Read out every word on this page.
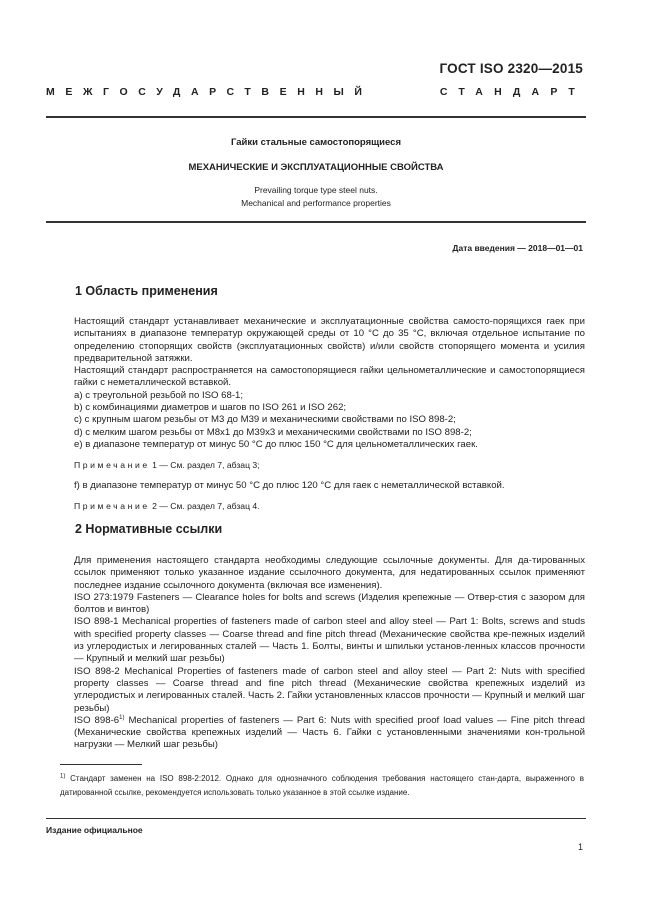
ГОСТ ISO 2320—2015
МЕЖГОСУДАРСТВЕННЫЙ	СТАНДАРТ
Гайки стальные самостопорящиеся
МЕХАНИЧЕСКИЕ И ЭКСПЛУАТАЦИОННЫЕ СВОЙСТВА
Prevailing torque type steel nuts.
Mechanical and performance properties
Дата введения — 2018—01—01
1 Область применения

Настоящий стандарт устанавливает механические и эксплуатационные свойства самосто-порящихся гаек при испытаниях в диапазоне температур окружающей среды от 10 °С до 35 °С, включая отдельное испытание по определению стопорящих свойств (эксплуатационных свойств) и/или свойств стопорящего момента и усилия предварительной затяжки.

Настоящий стандарт распространяется на самостопорящиеся гайки цельнометаллические и самостопорящиеся гайки с неметаллической вставкой.

a) с треугольной резьбой по ISO 68-1;

b) с комбинациями диаметров и шагов по ISO 261 и ISO 262;

c) с крупным шагом резьбы от М3 до М39 и механическими свойствами по ISO 898-2;

d) с мелким шагом резьбы от М8х1 до М39х3 и механическими свойствами по ISO 898-2;

e) в диапазоне температур от минус 50 °С до плюс 150 °С для цельнометаллических гаек.

Примечание 1 — См. раздел 7, абзац 3;

f) в диапазоне температур от минус 50 °С до плюс 120 °С для гаек с неметаллической вставкой.

Примечание 2 — См. раздел 7, абзац 4.

2 Нормативные ссылки

Для применения настоящего стандарта необходимы следующие ссылочные документы. Для да-тированных ссылок применяют только указанное издание ссылочного документа, для недатированных ссылок применяют последнее издание ссылочного документа (включая все изменения).

ISO 273:1979 Fasteners — Clearance holes for bolts and screws (Изделия крепежные — Отвер-стия с зазором для болтов и винтов)

ISO 898-1 Mechanical properties of fasteners made of carbon steel and alloy steel — Part 1: Bolts, screws and studs with specified property classes — Coarse thread and fine pitch thread (Механические свойства кре-пежных изделий из углеродистых и легированных сталей — Часть 1. Болты, винты и шпильки установ-ленных классов прочности — Крупный и мелкий шаг резьбы)

ISO 898-2 Mechanical Properties of fasteners made of carbon steel and alloy steel — Part 2: Nuts with specified property classes — Coarse thread and fine pitch thread (Механические свойства крепежных изделий из углеродистых и легированных сталей. Часть 2. Гайки установленных классов прочности — Крупный и мелкий шаг резьбы)

ISO 898-6$^{1)}$ Mechanical properties of fasteners — Part 6: Nuts with specified proof load values — Fine pitch thread (Механические свойства крепежных изделий — Часть 6. Гайки с установленными значениями кон-трольной нагрузки — Мелкий шаг резьбы)

$^{1)}$ Стандарт заменен на ISO 898-2:2012. Однако для однозначного соблюдения требования настоящего стан-дарта, выраженного в датированной ссылке, рекомендуется использовать только указанное в этой ссылке издание.
Издание официальное
1
